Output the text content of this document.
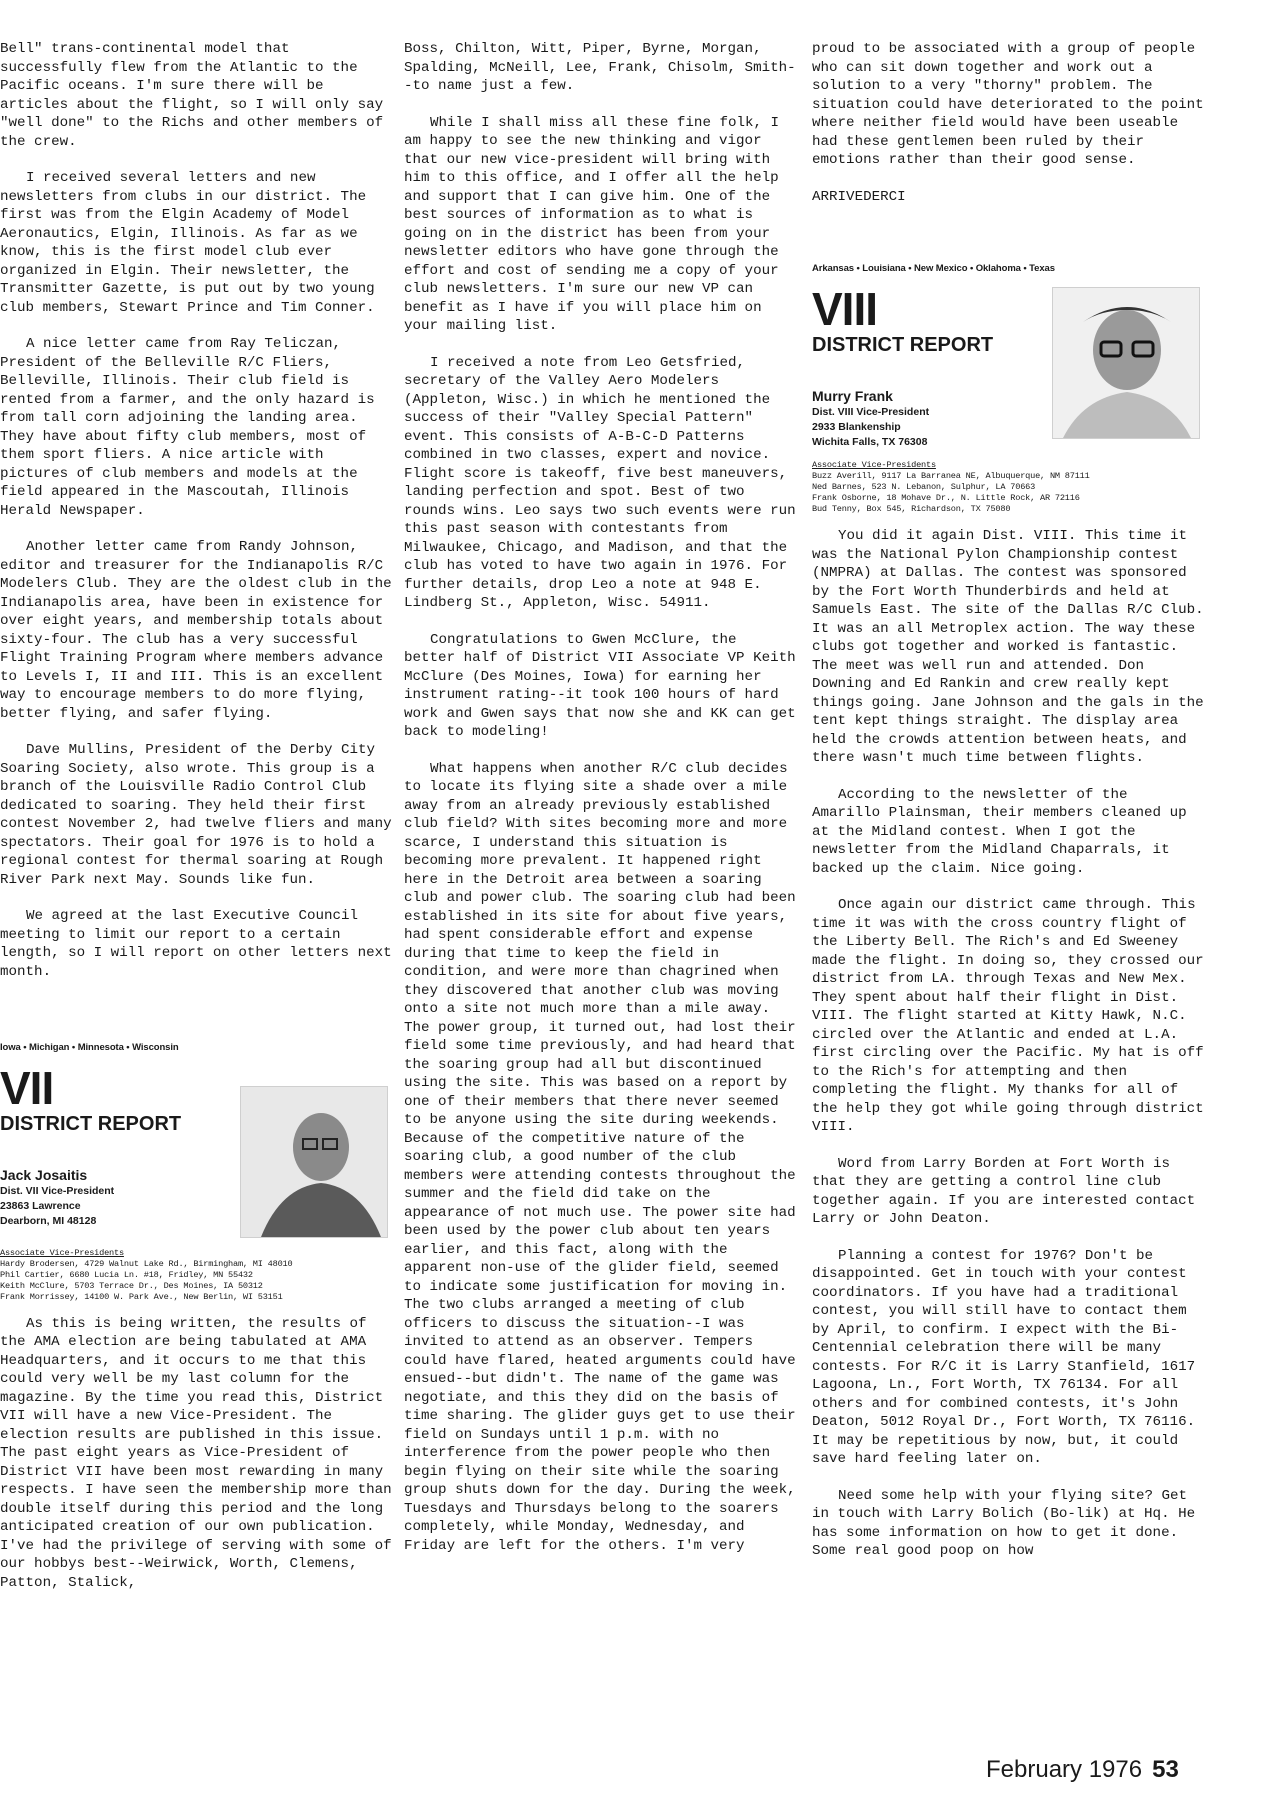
Bell" trans-continental model that successfully flew from the Atlantic to the Pacific oceans. I'm sure there will be articles about the flight, so I will only say "well done" to the Richs and other members of the crew.

I received several letters and new newsletters from clubs in our district. The first was from the Elgin Academy of Model Aeronautics, Elgin, Illinois. As far as we know, this is the first model club ever organized in Elgin. Their newsletter, the Transmitter Gazette, is put out by two young club members, Stewart Prince and Tim Conner.

A nice letter came from Ray Teliczan, President of the Belleville R/C Fliers, Belleville, Illinois. Their club field is rented from a farmer, and the only hazard is from tall corn adjoining the landing area. They have about fifty club members, most of them sport fliers. A nice article with pictures of club members and models at the field appeared in the Mascoutah, Illinois Herald Newspaper.

Another letter came from Randy Johnson, editor and treasurer for the Indianapolis R/C Modelers Club. They are the oldest club in the Indianapolis area, have been in existence for over eight years, and membership totals about sixty-four. The club has a very successful Flight Training Program where members advance to Levels I, II and III. This is an excellent way to encourage members to do more flying, better flying, and safer flying.

Dave Mullins, President of the Derby City Soaring Society, also wrote. This group is a branch of the Louisville Radio Control Club dedicated to soaring. They held their first contest November 2, had twelve fliers and many spectators. Their goal for 1976 is to hold a regional contest for thermal soaring at Rough River Park next May. Sounds like fun.

We agreed at the last Executive Council meeting to limit our report to a certain length, so I will report on other letters next month.

Iowa • Michigan • Minnesota • Wisconsin
VII
DISTRICT REPORT
Jack Josaitis
Dist. VII Vice-President
23863 Lawrence
Dearborn, MI 48128
Associate Vice-Presidents
Hardy Brodersen, 4729 Walnut Lake Rd., Birmingham, MI 48010
Phil Cartier, 6680 Lucia Ln. #18, Fridley, MN 55432
Keith McClure, 5703 Terrace Dr., Des Moines, IA 50312
Frank Morrissey, 14100 W. Park Ave., New Berlin, WI 53151

As this is being written, the results of the AMA election are being tabulated at AMA Headquarters, and it occurs to me that this could very well be my last column for the magazine. By the time you read this, District VII will have a new Vice-President. The election results are published in this issue. The past eight years as Vice-President of District VII have been most rewarding in many respects. I have seen the membership more than double itself during this period and the long anticipated creation of our own publication. I've had the privilege of serving with some of our hobbys best--Weirwick, Worth, Clemens, Patton, Stalick,

Boss, Chilton, Witt, Piper, Byrne, Morgan, Spalding, McNeill, Lee, Frank, Chisolm, Smith--to name just a few.

While I shall miss all these fine folk, I am happy to see the new thinking and vigor that our new vice-president will bring with him to this office, and I offer all the help and support that I can give him. One of the best sources of information as to what is going on in the district has been from your newsletter editors who have gone through the effort and cost of sending me a copy of your club newsletters. I'm sure our new VP can benefit as I have if you will place him on your mailing list.

I received a note from Leo Getsfried, secretary of the Valley Aero Modelers (Appleton, Wisc.) in which he mentioned the success of their "Valley Special Pattern" event. This consists of A-B-C-D Patterns combined in two classes, expert and novice. Flight score is takeoff, five best maneuvers, landing perfection and spot. Best of two rounds wins. Leo says two such events were run this past season with contestants from Milwaukee, Chicago, and Madison, and that the club has voted to have two again in 1976. For further details, drop Leo a note at 948 E. Lindberg St., Appleton, Wisc. 54911.

Congratulations to Gwen McClure, the better half of District VII Associate VP Keith McClure (Des Moines, Iowa) for earning her instrument rating--it took 100 hours of hard work and Gwen says that now she and KK can get back to modeling!

What happens when another R/C club decides to locate its flying site a shade over a mile away from an already previously established club field? With sites becoming more and more scarce, I understand this situation is becoming more prevalent. It happened right here in the Detroit area between a soaring club and power club. The soaring club had been established in its site for about five years, had spent considerable effort and expense during that time to keep the field in condition, and were more than chagrined when they discovered that another club was moving onto a site not much more than a mile away. The power group, it turned out, had lost their field some time previously, and had heard that the soaring group had all but discontinued using the site. This was based on a report by one of their members that there never seemed to be anyone using the site during weekends. Because of the competitive nature of the soaring club, a good number of the club members were attending contests throughout the summer and the field did take on the appearance of not much use. The power site had been used by the power club about ten years earlier, and this fact, along with the apparent non-use of the glider field, seemed to indicate some justification for moving in. The two clubs arranged a meeting of club officers to discuss the situation--I was invited to attend as an observer. Tempers could have flared, heated arguments could have ensued--but didn't. The name of the game was negotiate, and this they did on the basis of time sharing. The glider guys get to use their field on Sundays until 1 p.m. with no interference from the power people who then begin flying on their site while the soaring group shuts down for the day. During the week, Tuesdays and Thursdays belong to the soarers completely, while Monday, Wednesday, and Friday are left for the others. I'm very

proud to be associated with a group of people who can sit down together and work out a solution to a very "thorny" problem. The situation could have deteriorated to the point where neither field would have been useable had these gentlemen been ruled by their emotions rather than their good sense.

ARRIVEDERCI

Arkansas • Louisiana • New Mexico • Oklahoma • Texas
VIII
DISTRICT REPORT
Murry Frank
Dist. VIII Vice-President
2933 Blankenship
Wichita Falls, TX 76308
Associate Vice-Presidents
Buzz Averill, 9117 La Barranea NE, Albuquerque, NM 87111
Ned Barnes, 523 N. Lebanon, Sulphur, LA 70663
Frank Osborne, 18 Mohave Dr., N. Little Rock, AR 72116
Bud Tenny, Box 545, Richardson, TX 75080

You did it again Dist. VIII. This time it was the National Pylon Championship contest (NMPRA) at Dallas. The contest was sponsored by the Fort Worth Thunderbirds and held at Samuels East. The site of the Dallas R/C Club. It was an all Metroplex action. The way these clubs got together and worked is fantastic. The meet was well run and attended. Don Downing and Ed Rankin and crew really kept things going. Jane Johnson and the gals in the tent kept things straight. The display area held the crowds attention between heats, and there wasn't much time between flights.

According to the newsletter of the Amarillo Plainsman, their members cleaned up at the Midland contest. When I got the newsletter from the Midland Chaparrals, it backed up the claim. Nice going.

Once again our district came through. This time it was with the cross country flight of the Liberty Bell. The Rich's and Ed Sweeney made the flight. In doing so, they crossed our district from LA. through Texas and New Mex. They spent about half their flight in Dist. VIII. The flight started at Kitty Hawk, N.C. circled over the Atlantic and ended at L.A. first circling over the Pacific. My hat is off to the Rich's for attempting and then completing the flight. My thanks for all of the help they got while going through district VIII.

Word from Larry Borden at Fort Worth is that they are getting a control line club together again. If you are interested contact Larry or John Deaton.

Planning a contest for 1976? Don't be disappointed. Get in touch with your contest coordinators. If you have had a traditional contest, you will still have to contact them by April, to confirm. I expect with the Bi-Centennial celebration there will be many contests. For R/C it is Larry Stanfield, 1617 Lagoona, Ln., Fort Worth, TX 76134. For all others and for combined contests, it's John Deaton, 5012 Royal Dr., Fort Worth, TX 76116. It may be repetitious by now, but, it could save hard feeling later on.

Need some help with your flying site? Get in touch with Larry Bolich (Bo-lik) at Hq. He has some information on how to get it done. Some real good poop on how

February 1976 53
